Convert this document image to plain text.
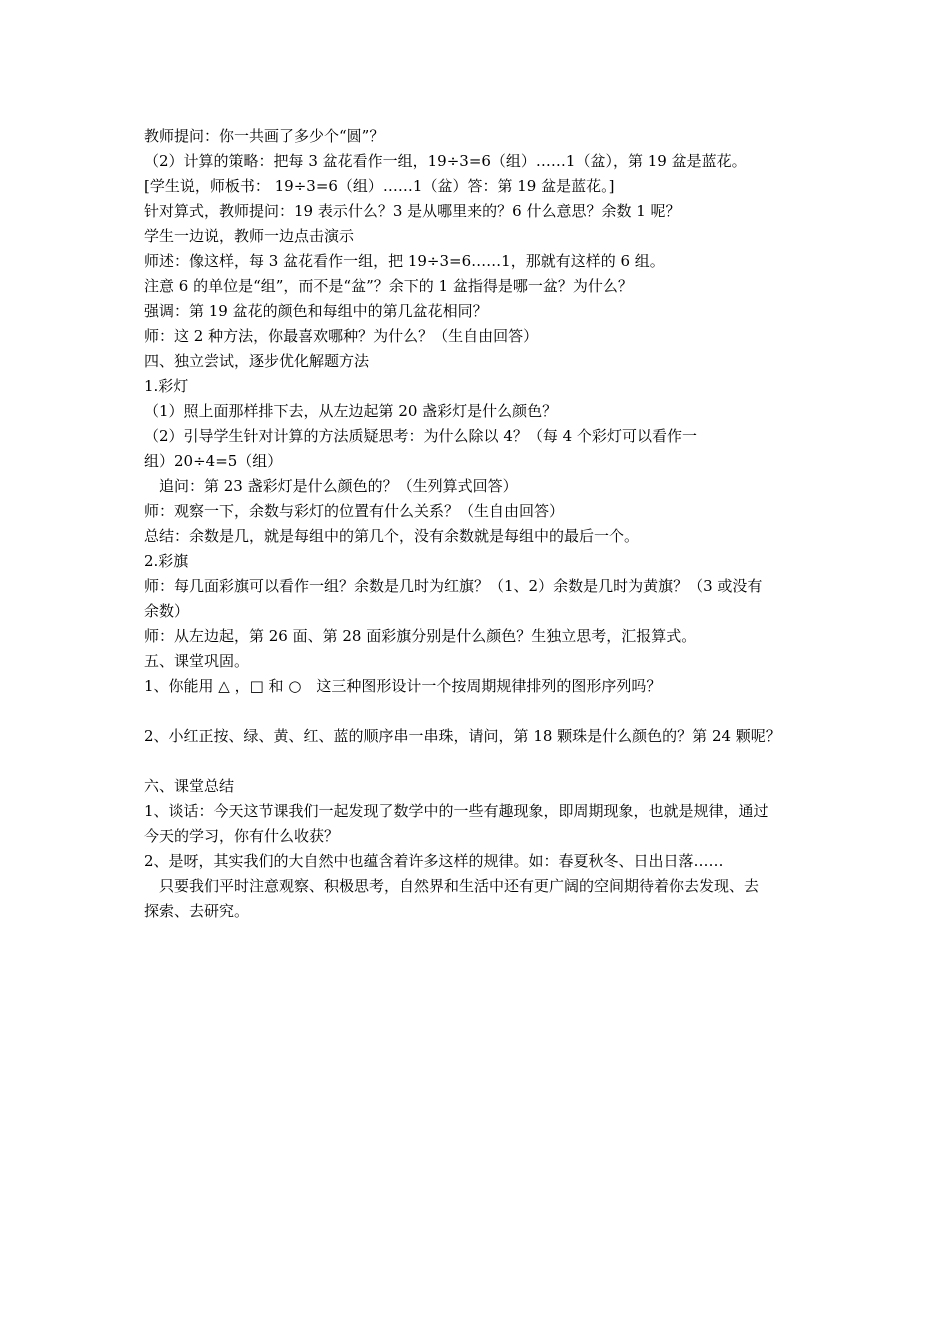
教师提问：你一共画了多少个“圆”？
（2）计算的策略：把每 3 盆花看作一组，19÷3=6（组）……1（盆），第 19 盆是蓝花。
[学生说，师板书： 19÷3=6（组）……1（盆）答：第 19 盆是蓝花。]
针对算式，教师提问：19 表示什么？3 是从哪里来的？6 什么意思？余数 1 呢？
学生一边说，教师一边点击演示
师述：像这样，每 3 盆花看作一组，把 19÷3=6……1，那就有这样的 6 组。
注意 6 的单位是“组”，而不是“盆”？余下的 1 盆指得是哪一盆？为什么？
强调：第 19 盆花的颜色和每组中的第几盆花相同？
师：这 2 种方法，你最喜欢哪种？为什么？（生自由回答）
四、独立尝试，逐步优化解题方法
1.彩灯
（1）照上面那样排下去，从左边起第 20 盏彩灯是什么颜色？
（2）引导学生针对计算的方法质疑思考：为什么除以 4？（每 4 个彩灯可以看作一
组）20÷4=5（组）
　追问：第 23 盏彩灯是什么颜色的？（生列算式回答）
师：观察一下，余数与彩灯的位置有什么关系？（生自由回答）
总结：余数是几，就是每组中的第几个，没有余数就是每组中的最后一个。
2.彩旗
师：每几面彩旗可以看作一组？余数是几时为红旗？（1、2）余数是几时为黄旗？（3 或没有
余数）
师：从左边起，第 26 面、第 28 面彩旗分别是什么颜色？生独立思考，汇报算式。
五、课堂巩固。
1、你能用 △ ，□ 和 ○　这三种图形设计一个按周期规律排列的图形序列吗？
2、小红正按、绿、黄、红、蓝的顺序串一串珠，请问，第 18 颗珠是什么颜色的？第 24 颗呢？
六、课堂总结
1、谈话：今天这节课我们一起发现了数学中的一些有趣现象，即周期现象，也就是规律，通过
今天的学习，你有什么收获？
2、是呀，其实我们的大自然中也蕴含着许多这样的规律。如：春夏秋冬、日出日落……
　只要我们平时注意观察、积极思考，自然界和生活中还有更广阔的空间期待着你去发现、去
探索、去研究。
